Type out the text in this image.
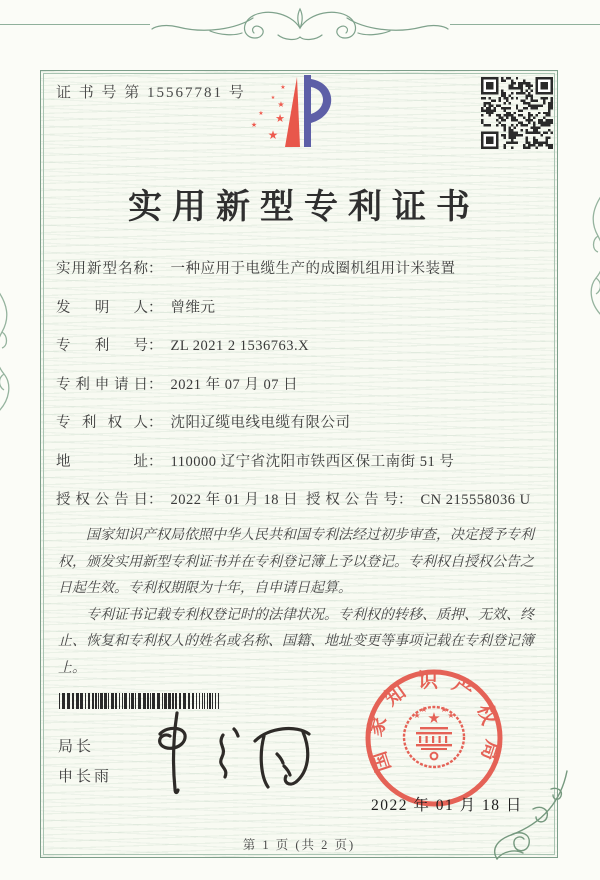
证 书 号 第 15567781 号	★
★
★
★ ★
★
★
实用新型专利证书
实用新型名称： 一种应用于电缆生产的成圈机组用计米装置
发明人： 曾维元
专利号： ZL 2021 2 1536763.X
专利申请日： 2021 年 07 月 07 日
专利权人： 沈阳辽缆电线电缆有限公司
地址： 110000 辽宁省沈阳市铁西区保工南街 51 号
授权公告日： 2022 年 01 月 18 日 授权公告号： CN 215558036 U

国家知识产权局依照中华人民共和国专利法经过初步审查，决定授予专利权，颁发实用新型专利证书并在专利登记簿上予以登记。专利权自授权公告之日起生效。专利权期限为十年，自申请日起算。

专利证书记载专利权登记时的法律状况。专利权的转移、质押、无效、终止、恢复和专利权人的姓名或名称、国籍、地址变更等事项记载在专利登记簿上。

局长
申长雨
国家知识产权局
★
★
★ ★
★
2022 年 01 月 18 日
第 1 页 (共 2 页)
